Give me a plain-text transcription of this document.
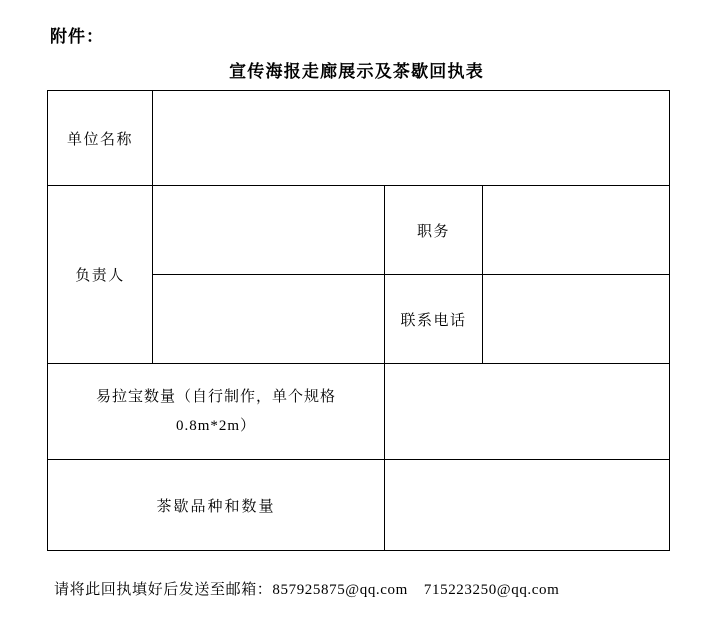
附件：
宣传海报走廊展示及茶歇回执表
单位名称			
负责人		职务	
		联系电话	

易拉宝数量（自行制作，单个规格
0.8m*2m）			

茶歇品种和数量			
请将此回执填好后发送至邮箱：857925875@qq.com 715223250@qq.com
